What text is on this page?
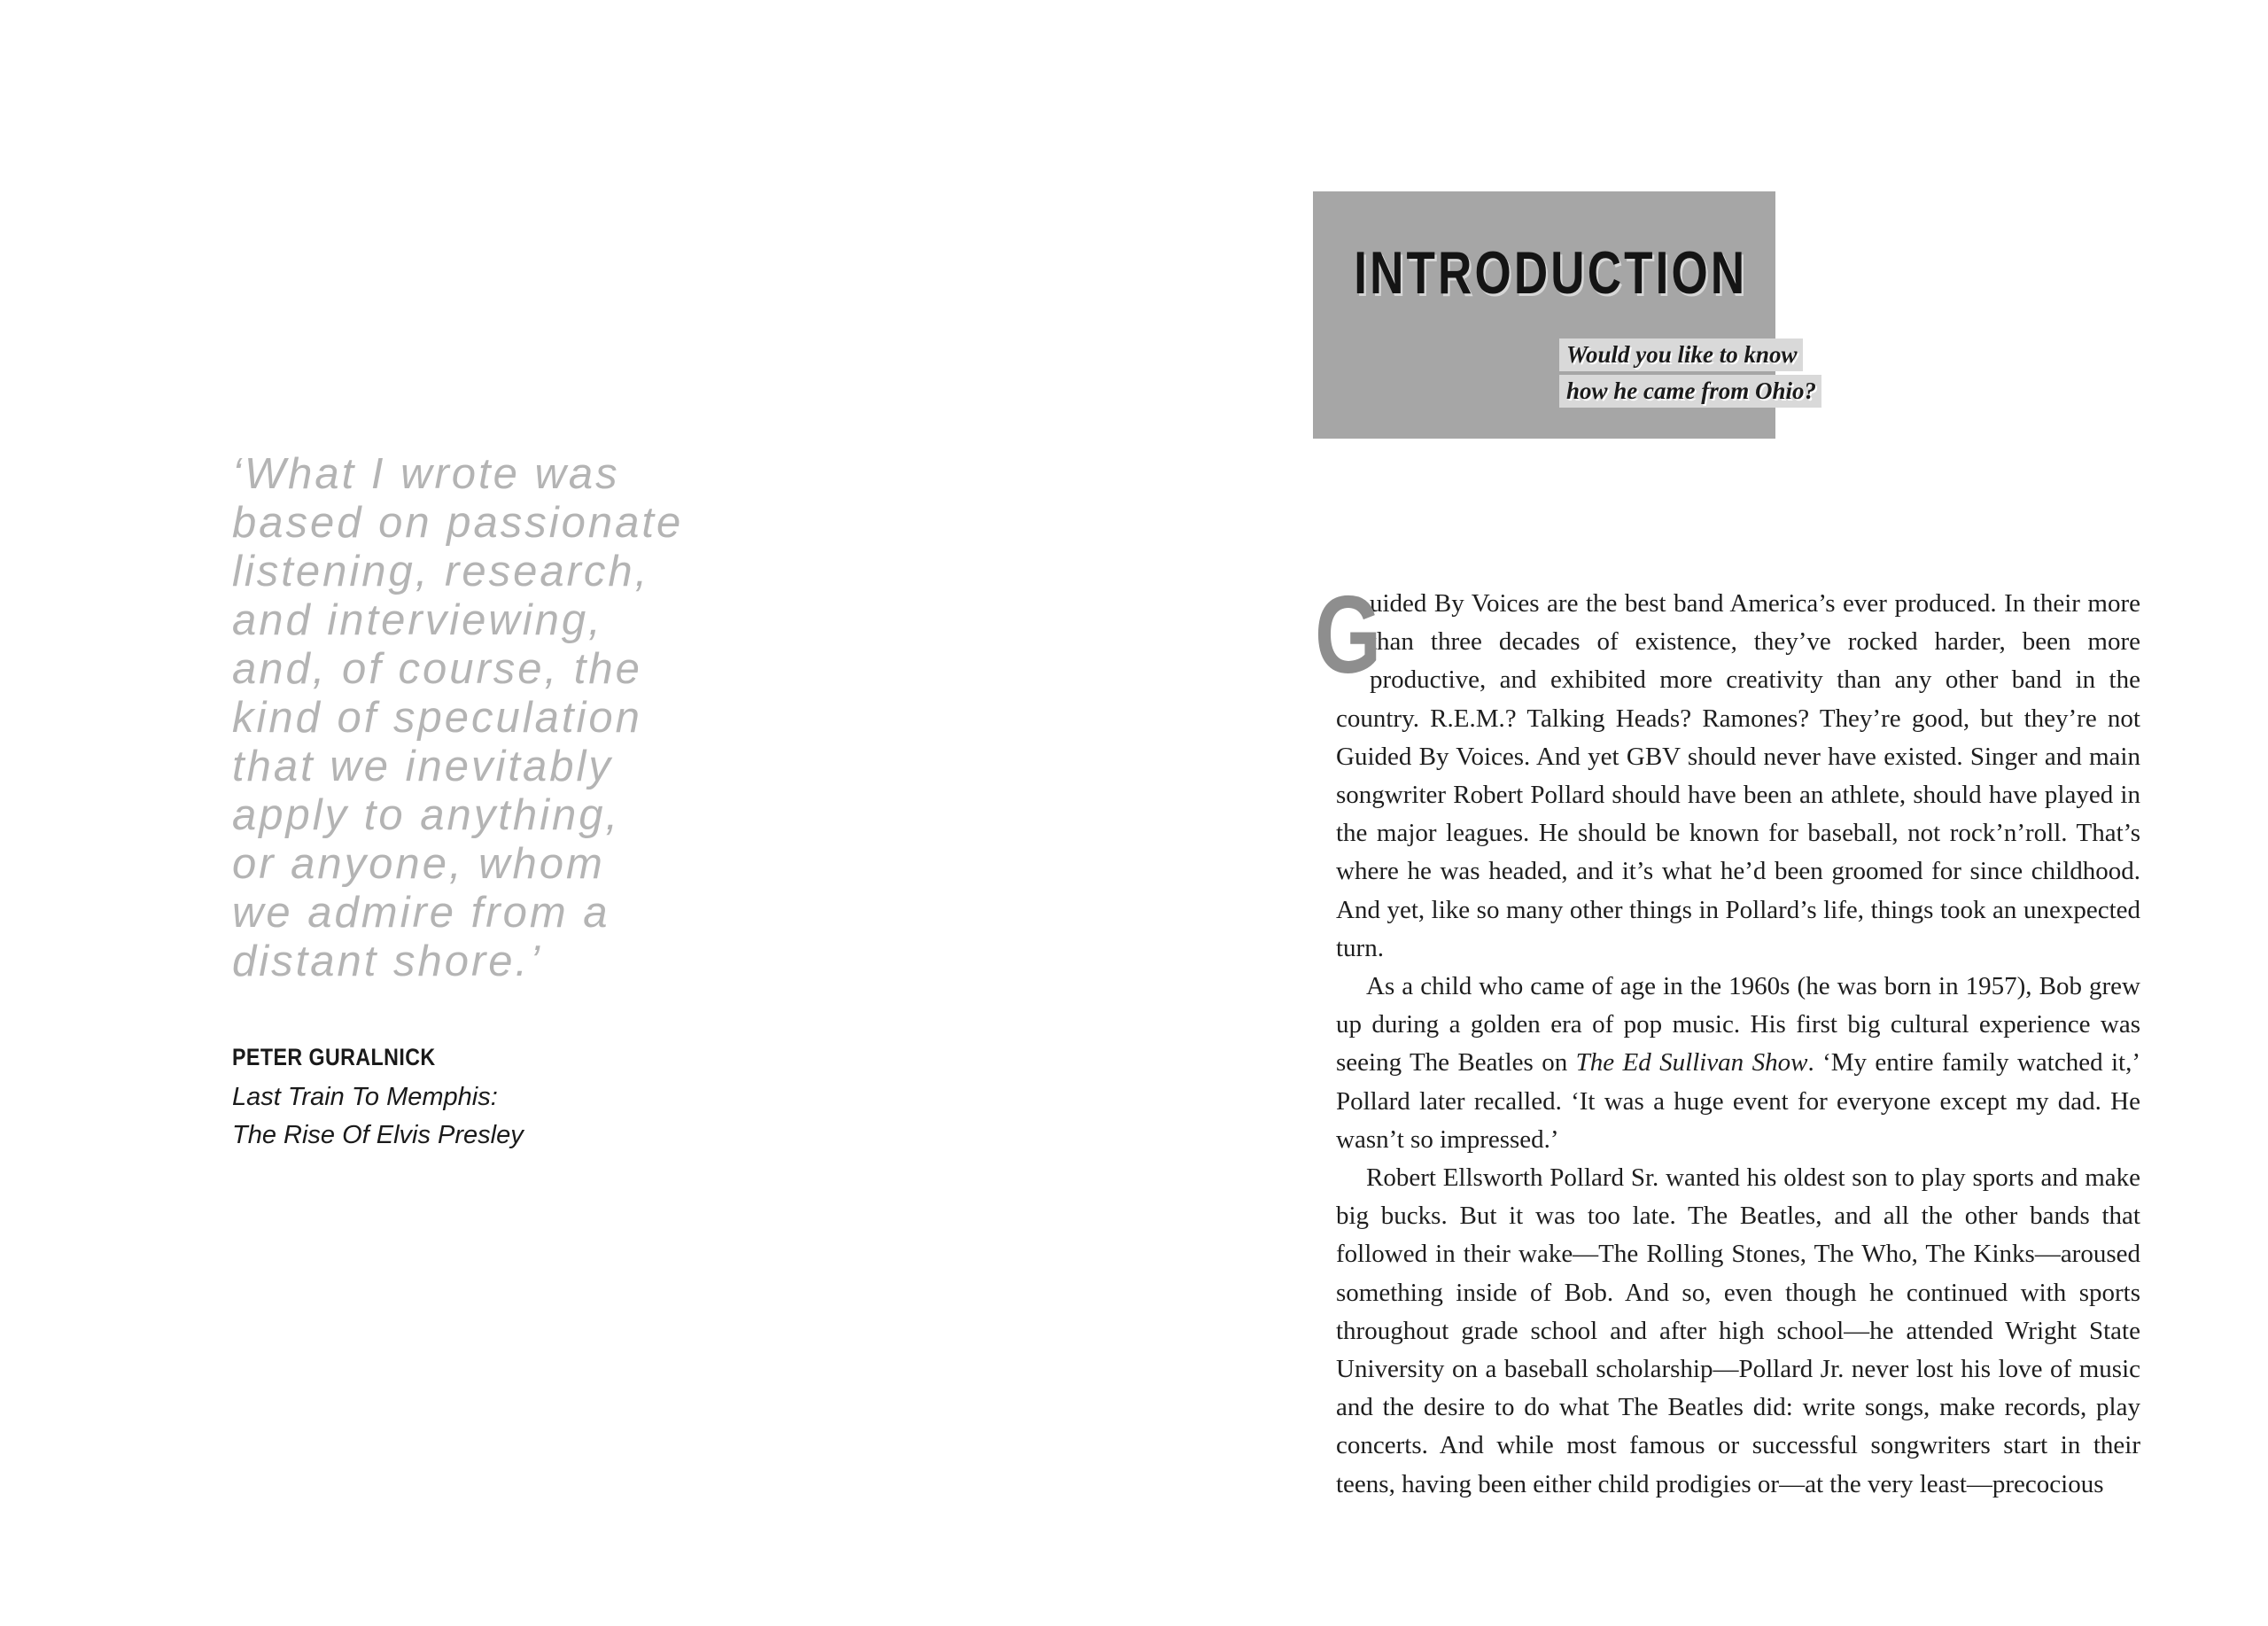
‘What I wrote was
based on passionate
listening, research,
and interviewing,
and, of course, the
kind of speculation
that we inevitably
apply to anything,
or anyone, whom
we admire from a
distant shore.’
PETER GURALNICK
Last Train To Memphis:
The Rise Of Elvis Presley
INTRODUCTION
Would you like to know
how he came from Ohio?

G
uided By Voices are the best band America’s ever produced. In their more than three decades of existence, they’ve rocked harder, been more productive, and exhibited more creativity than any other band in the country. R.E.M.? Talking Heads? Ramones? They’re good, but they’re not Guided By Voices. And yet GBV should never have existed. Singer and main songwriter Robert Pollard should have been an athlete, should have played in the major leagues. He should be known for baseball, not rock’n’roll. That’s where he was headed, and it’s what he’d been groomed for since childhood. And yet, like so many other things in Pollard’s life, things took an unexpected turn.

As a child who came of age in the 1960s (he was born in 1957), Bob grew up during a golden era of pop music. His first big cultural experience was seeing The Beatles on The Ed Sullivan Show. ‘My entire family watched it,’ Pollard later recalled. ‘It was a huge event for everyone except my dad. He wasn’t so impressed.’

Robert Ellsworth Pollard Sr. wanted his oldest son to play sports and make big bucks. But it was too late. The Beatles, and all the other bands that followed in their wake—The Rolling Stones, The Who, The Kinks—aroused something inside of Bob. And so, even though he continued with sports throughout grade school and after high school—he attended Wright State University on a baseball scholarship—Pollard Jr. never lost his love of music and the desire to do what The Beatles did: write songs, make records, play concerts. And while most famous or successful songwriters start in their teens, having been either child prodigies or—at the very least—precocious
